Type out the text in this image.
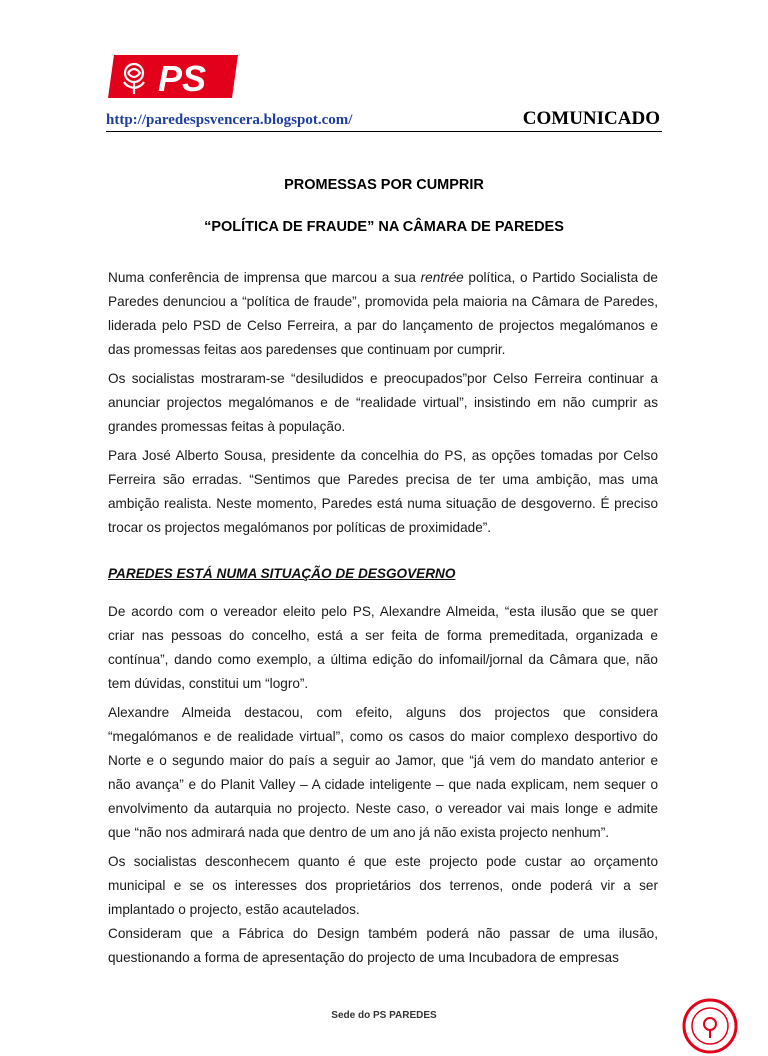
PS
http://paredespsvencera.blogspot.com/	COMUNICADO
PROMESSAS POR CUMPRIR
“POLÍTICA DE FRAUDE” NA CÂMARA DE PAREDES

Numa conferência de imprensa que marcou a sua rentrée política, o Partido Socialista de Paredes denunciou a “política de fraude”, promovida pela maioria na Câmara de Paredes, liderada pelo PSD de Celso Ferreira, a par do lançamento de projectos megalómanos e das promessas feitas aos paredenses que continuam por cumprir.

Os socialistas mostraram-se “desiludidos e preocupados”por Celso Ferreira continuar a anunciar projectos megalómanos e de “realidade virtual”, insistindo em não cumprir as grandes promessas feitas à população.

Para José Alberto Sousa, presidente da concelhia do PS, as opções tomadas por Celso Ferreira são erradas. “Sentimos que Paredes precisa de ter uma ambição, mas uma ambição realista. Neste momento, Paredes está numa situação de desgoverno. É preciso trocar os projectos megalómanos por políticas de proximidade”.

PAREDES ESTÁ NUMA SITUAÇÃO DE DESGOVERNO

De acordo com o vereador eleito pelo PS, Alexandre Almeida, “esta ilusão que se quer criar nas pessoas do concelho, está a ser feita de forma premeditada, organizada e contínua”, dando como exemplo, a última edição do infomail/jornal da Câmara que, não tem dúvidas, constitui um “logro”.

Alexandre Almeida destacou, com efeito, alguns dos projectos que considera “megalómanos e de realidade virtual”, como os casos do maior complexo desportivo do Norte e o segundo maior do país a seguir ao Jamor, que “já vem do mandato anterior e não avança” e do Planit Valley – A cidade inteligente – que nada explicam, nem sequer o envolvimento da autarquia no projecto. Neste caso, o vereador vai mais longe e admite que “não nos admirará nada que dentro de um ano já não exista projecto nenhum”.

Os socialistas desconhecem quanto é que este projecto pode custar ao orçamento municipal e se os interesses dos proprietários dos terrenos, onde poderá vir a ser implantado o projecto, estão acautelados.

Consideram que a Fábrica do Design também poderá não passar de uma ilusão, questionando a forma de apresentação do projecto de uma Incubadora de empresas

Sede do PS PAREDES
